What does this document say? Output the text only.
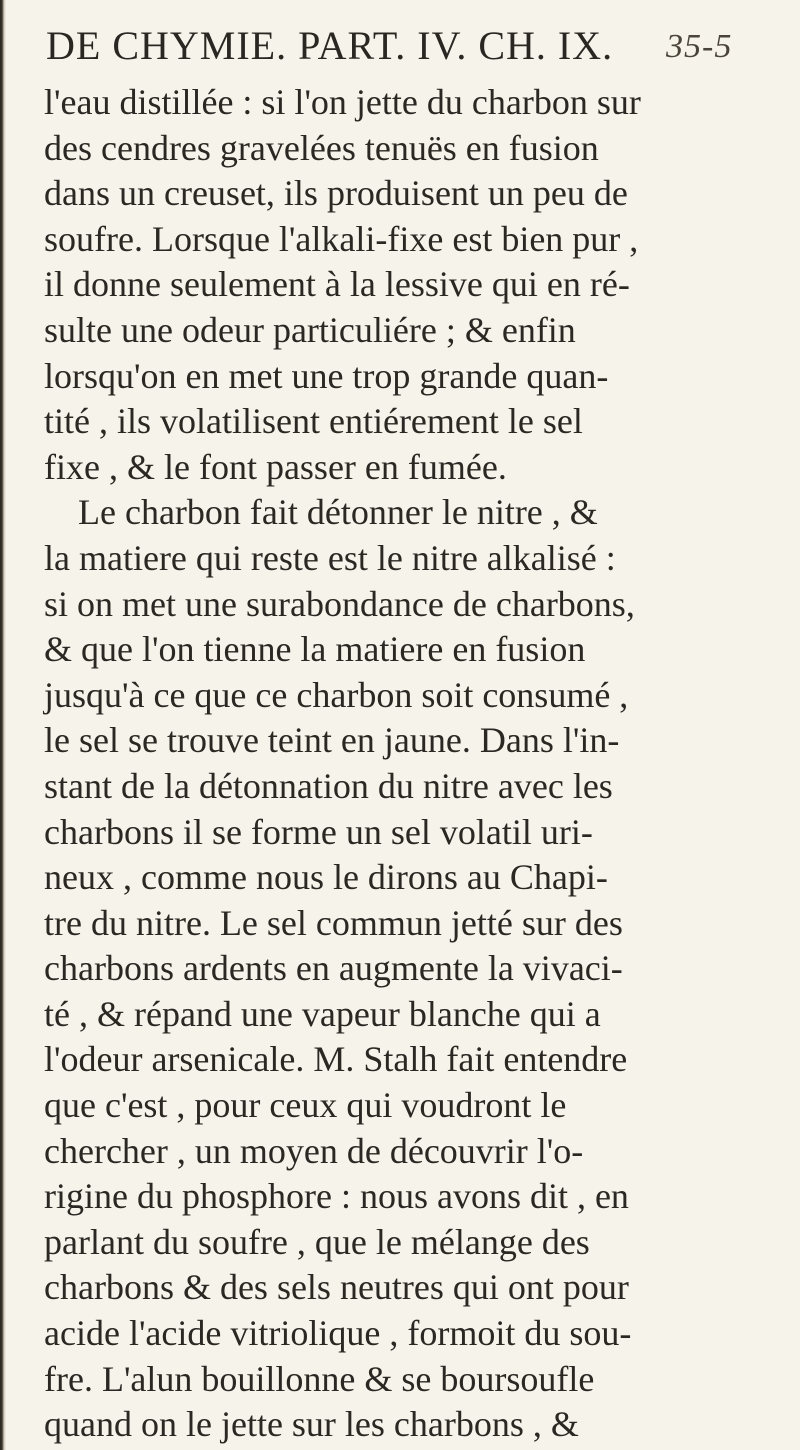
DE CHYMIE. PART. IV. CH. IX. 35-5
l'eau distillée : si l'on jette du charbon sur
des cendres gravelées tenuës en fusion
dans un creuset, ils produisent un peu de
soufre. Lorsque l'alkali-fixe est bien pur ,
il donne seulement à la lessive qui en ré-
sulte une odeur particuliére ; & enfin
lorsqu'on en met une trop grande quan-
tité , ils volatilisent entiérement le sel
fixe , & le font passer en fumée.
Le charbon fait détonner le nitre , &
la matiere qui reste est le nitre alkalisé :
si on met une surabondance de charbons,
& que l'on tienne la matiere en fusion
jusqu'à ce que ce charbon soit consumé ,
le sel se trouve teint en jaune. Dans l'in-
stant de la détonnation du nitre avec les
charbons il se forme un sel volatil uri-
neux , comme nous le dirons au Chapi-
tre du nitre. Le sel commun jetté sur des
charbons ardents en augmente la vivaci-
té , & répand une vapeur blanche qui a
l'odeur arsenicale. M. Stalh fait entendre
que c'est , pour ceux qui voudront le
chercher , un moyen de découvrir l'o-
rigine du phosphore : nous avons dit , en
parlant du soufre , que le mélange des
charbons & des sels neutres qui ont pour
acide l'acide vitriolique , formoit du sou-
fre. L'alun bouillonne & se boursoufle
quand on le jette sur les charbons , &
